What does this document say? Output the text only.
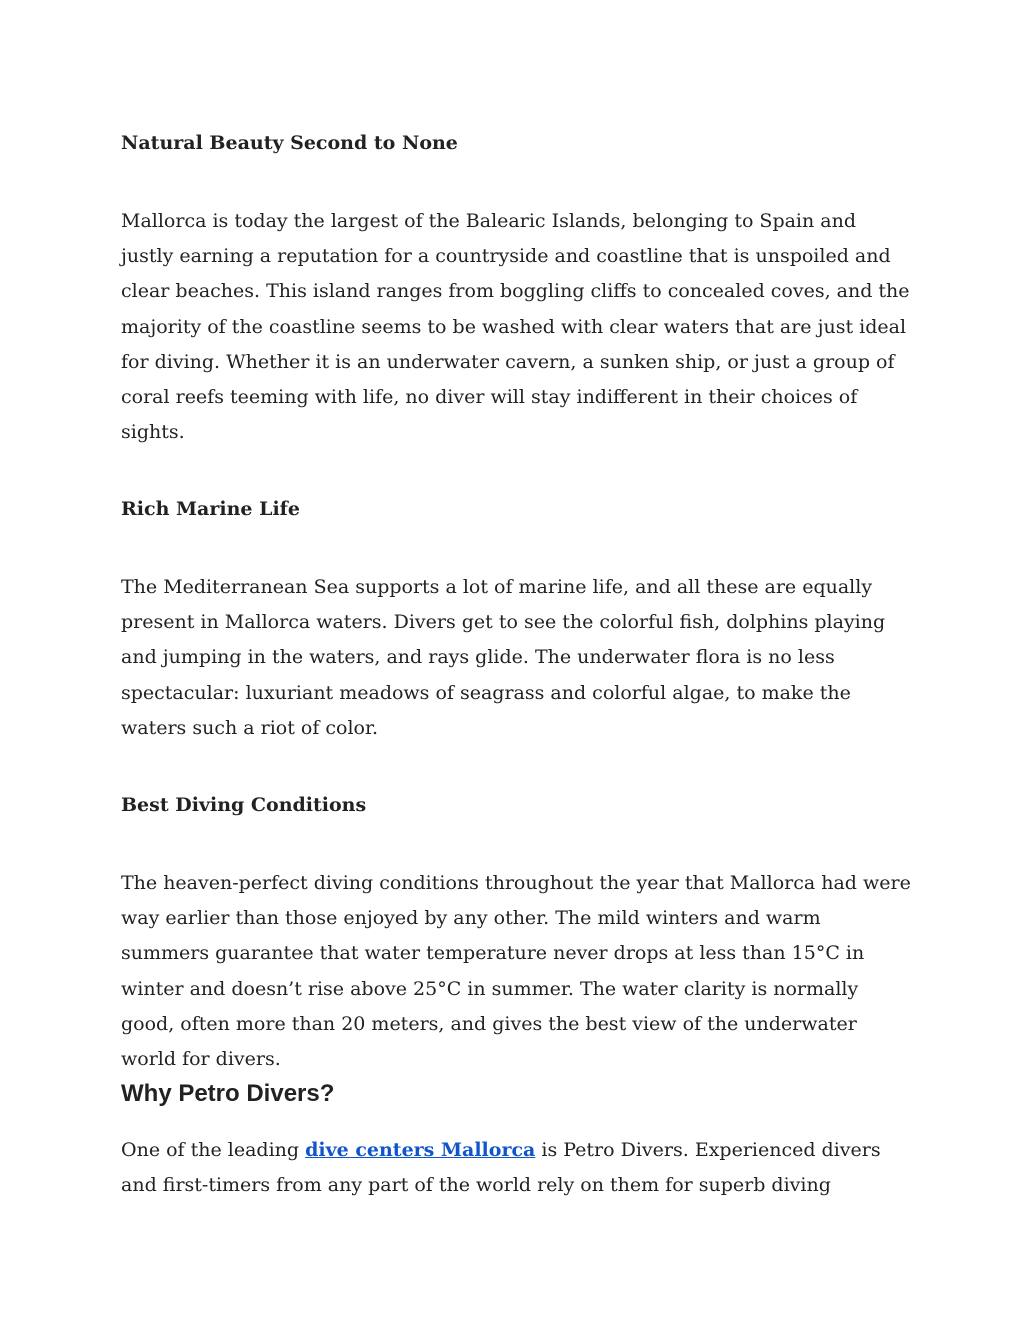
Natural Beauty Second to None

Mallorca is today the largest of the Balearic Islands, belonging to Spain and justly earning a reputation for a countryside and coastline that is unspoiled and clear beaches. This island ranges from boggling cliffs to concealed coves, and the majority of the coastline seems to be washed with clear waters that are just ideal for diving. Whether it is an underwater cavern, a sunken ship, or just a group of coral reefs teeming with life, no diver will stay indifferent in their choices of sights.

Rich Marine Life

The Mediterranean Sea supports a lot of marine life, and all these are equally present in Mallorca waters. Divers get to see the colorful fish, dolphins playing and jumping in the waters, and rays glide. The underwater flora is no less spectacular: luxuriant meadows of seagrass and colorful algae, to make the waters such a riot of color.

Best Diving Conditions

The heaven-perfect diving conditions throughout the year that Mallorca had were way earlier than those enjoyed by any other. The mild winters and warm summers guarantee that water temperature never drops at less than 15°C in winter and doesn’t rise above 25°C in summer. The water clarity is normally good, often more than 20 meters, and gives the best view of the underwater world for divers.

Why Petro Divers?

One of the leading dive centers Mallorca is Petro Divers. Experienced divers and first-timers from any part of the world rely on them for superb diving
